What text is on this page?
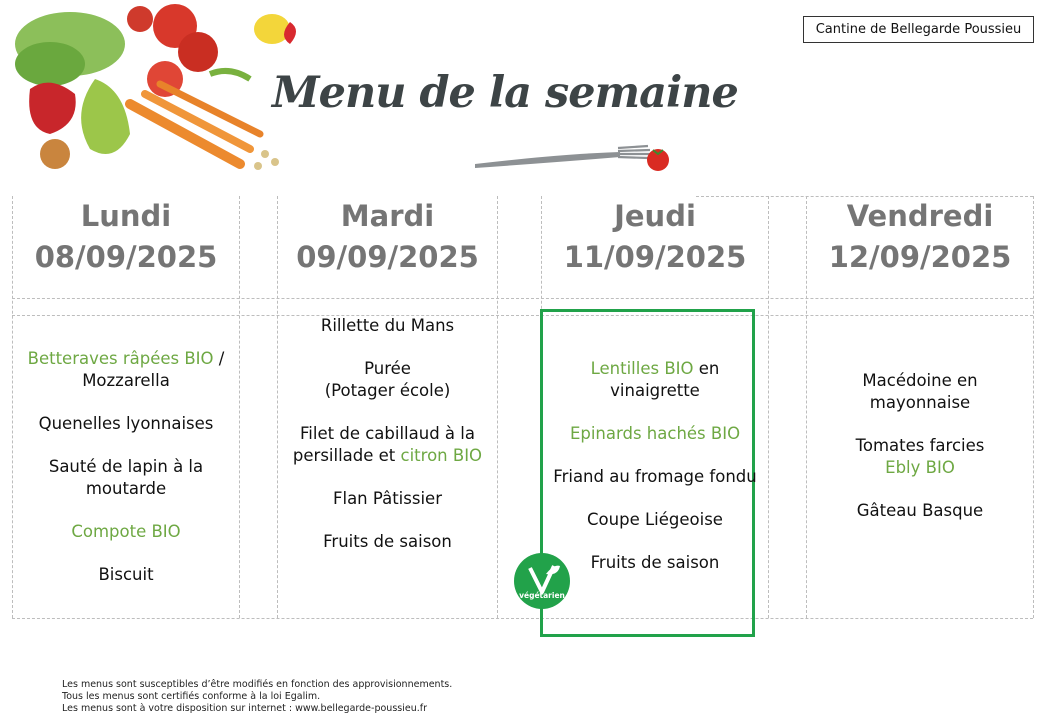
Cantine de Bellegarde Poussieu
Menu de la semaine
Lundi
08/09/2025
Mardi
09/09/2025
Jeudi
11/09/2025
Vendredi
12/09/2025

Betteraves râpées BIO / Mozzarella

Quenelles lyonnaises

Sauté de lapin à la moutarde

Compote BIO

Biscuit

Rillette du Mans

Purée

(Potager école)

Filet de cabillaud à la persillade et citron BIO

Flan Pâtissier

Fruits de saison

Lentilles BIO en vinaigrette

Epinards hachés BIO

Friand au fromage fondu

Coupe Liégeoise

Fruits de saison

végétarien

Macédoine en mayonnaise

Tomates farcies

Ebly BIO

Gâteau Basque

Les menus sont susceptibles d’être modifiés en fonction des approvisionnements.
Tous les menus sont certifiés conforme à la loi Egalim.
Les menus sont à votre disposition sur internet : www.bellegarde-poussieu.fr
